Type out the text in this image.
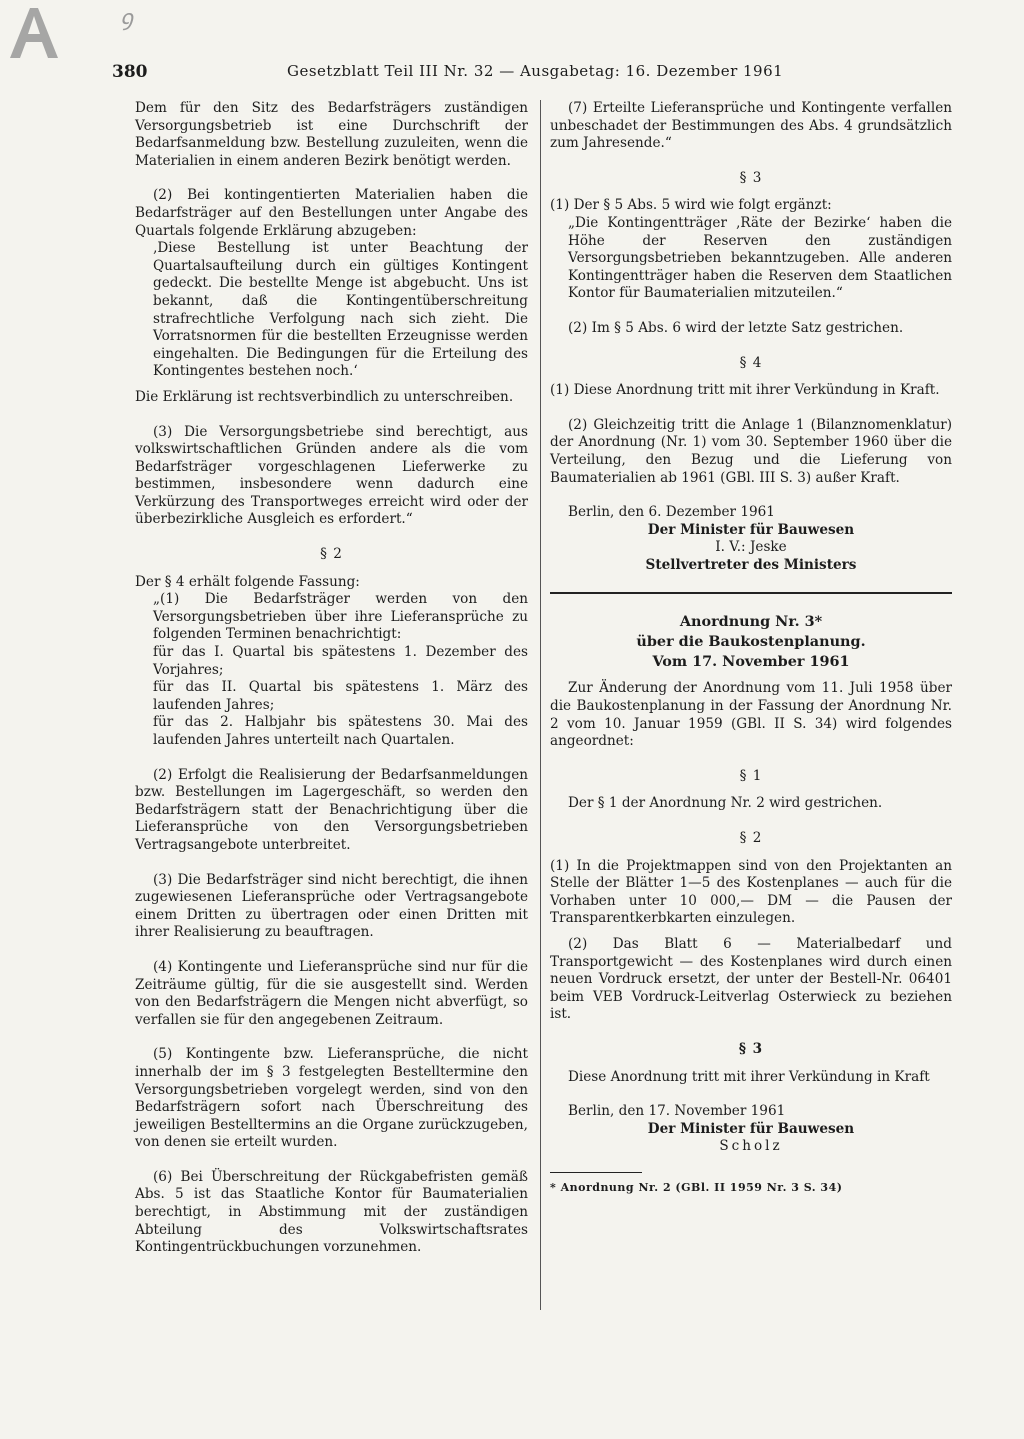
ꝯ
380	Gesetzblatt Teil III Nr. 32 — Ausgabetag: 16. Dezember 1961

Dem für den Sitz des Bedarfsträgers zuständigen Versorgungsbetrieb ist eine Durchschrift der Bedarfsanmeldung bzw. Bestellung zuzuleiten, wenn die Materialien in einem anderen Bezirk benötigt werden.

(2) Bei kontingentierten Materialien haben die Bedarfsträger auf den Bestellungen unter Angabe des Quartals folgende Erklärung abzugeben:

‚Diese Bestellung ist unter Beachtung der Quartalsaufteilung durch ein gültiges Kontingent gedeckt. Die bestellte Menge ist abgebucht. Uns ist bekannt, daß die Kontingentüberschreitung strafrechtliche Verfolgung nach sich zieht. Die Vorratsnormen für die bestellten Erzeugnisse werden eingehalten. Die Bedingungen für die Erteilung des Kontingentes bestehen noch.‘

Die Erklärung ist rechtsverbindlich zu unterschreiben.

(3) Die Versorgungsbetriebe sind berechtigt, aus volkswirtschaftlichen Gründen andere als die vom Bedarfsträger vorgeschlagenen Lieferwerke zu bestimmen, insbesondere wenn dadurch eine Verkürzung des Transportweges erreicht wird oder der überbezirkliche Ausgleich es erfordert.“

§ 2

Der § 4 erhält folgende Fassung:

„(1) Die Bedarfsträger werden von den Versorgungsbetrieben über ihre Lieferansprüche zu folgenden Terminen benachrichtigt:

für das I. Quartal bis spätestens 1. Dezember des Vorjahres;

für das II. Quartal bis spätestens 1. März des laufenden Jahres;

für das 2. Halbjahr bis spätestens 30. Mai des laufenden Jahres unterteilt nach Quartalen.

(2) Erfolgt die Realisierung der Bedarfsanmeldungen bzw. Bestellungen im Lagergeschäft, so werden den Bedarfsträgern statt der Benachrichtigung über die Lieferansprüche von den Versorgungsbetrieben Vertragsangebote unterbreitet.

(3) Die Bedarfsträger sind nicht berechtigt, die ihnen zugewiesenen Lieferansprüche oder Vertragsangebote einem Dritten zu übertragen oder einen Dritten mit ihrer Realisierung zu beauftragen.

(4) Kontingente und Lieferansprüche sind nur für die Zeiträume gültig, für die sie ausgestellt sind. Werden von den Bedarfsträgern die Mengen nicht abverfügt, so verfallen sie für den angegebenen Zeitraum.

(5) Kontingente bzw. Lieferansprüche, die nicht innerhalb der im § 3 festgelegten Bestelltermine den Versorgungsbetrieben vorgelegt werden, sind von den Bedarfsträgern sofort nach Überschreitung des jeweiligen Bestelltermins an die Organe zurückzugeben, von denen sie erteilt wurden.

(6) Bei Überschreitung der Rückgabefristen gemäß Abs. 5 ist das Staatliche Kontor für Baumaterialien berechtigt, in Abstimmung mit der zuständigen Abteilung des Volkswirtschaftsrates Kontingentrückbuchungen vorzunehmen.

(7) Erteilte Lieferansprüche und Kontingente verfallen unbeschadet der Bestimmungen des Abs. 4 grundsätzlich zum Jahresende.“

§ 3

(1) Der § 5 Abs. 5 wird wie folgt ergänzt:

„Die Kontingentträger ‚Räte der Bezirke‘ haben die Höhe der Reserven den zuständigen Versorgungsbetrieben bekanntzugeben. Alle anderen Kontingentträger haben die Reserven dem Staatlichen Kontor für Baumaterialien mitzuteilen.“

(2) Im § 5 Abs. 6 wird der letzte Satz gestrichen.

§ 4

(1) Diese Anordnung tritt mit ihrer Verkündung in Kraft.

(2) Gleichzeitig tritt die Anlage 1 (Bilanznomenklatur) der Anordnung (Nr. 1) vom 30. September 1960 über die Verteilung, den Bezug und die Lieferung von Baumaterialien ab 1961 (GBl. III S. 3) außer Kraft.

Berlin, den 6. Dezember 1961

Der Minister für Bauwesen

I. V.: Jeske

Stellvertreter des Ministers

Anordnung Nr. 3*

über die Baukostenplanung.

Vom 17. November 1961

Zur Änderung der Anordnung vom 11. Juli 1958 über die Baukostenplanung in der Fassung der Anordnung Nr. 2 vom 10. Januar 1959 (GBl. II S. 34) wird folgendes angeordnet:

§ 1

Der § 1 der Anordnung Nr. 2 wird gestrichen.

§ 2

(1) In die Projektmappen sind von den Projektanten an Stelle der Blätter 1—5 des Kostenplanes — auch für die Vorhaben unter 10 000,— DM — die Pausen der Transparentkerbkarten einzulegen.

(2) Das Blatt 6 — Materialbedarf und Transportgewicht — des Kostenplanes wird durch einen neuen Vordruck ersetzt, der unter der Bestell-Nr. 06401 beim VEB Vordruck-Leitverlag Osterwieck zu beziehen ist.

§ 3

Diese Anordnung tritt mit ihrer Verkündung in Kraft

Berlin, den 17. November 1961

Der Minister für Bauwesen

Scholz

* Anordnung Nr. 2 (GBl. II 1959 Nr. 3 S. 34)
